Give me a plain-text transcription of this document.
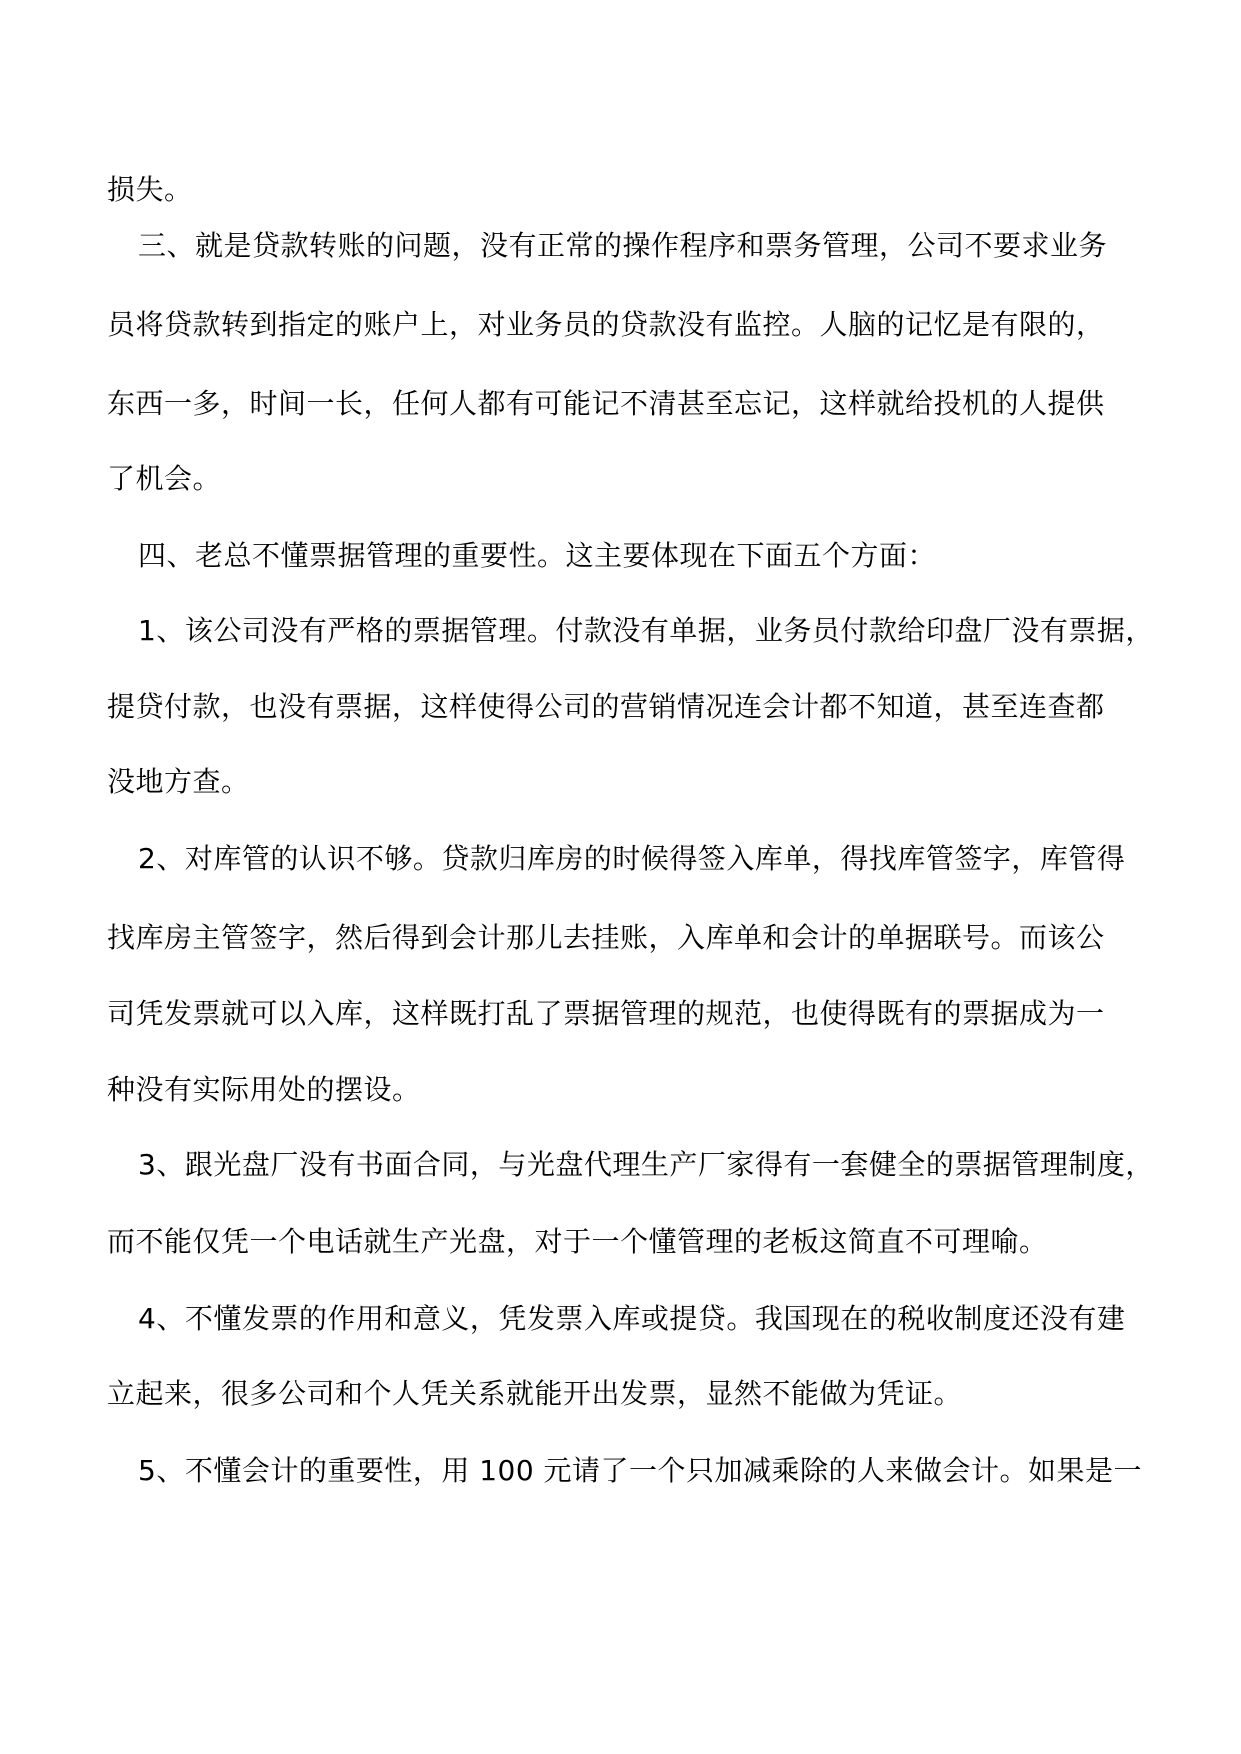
损失。
三、就是贷款转账的问题，没有正常的操作程序和票务管理，公司不要求业务
员将贷款转到指定的账户上，对业务员的贷款没有监控。人脑的记忆是有限的，
东西一多，时间一长，任何人都有可能记不清甚至忘记，这样就给投机的人提供
了机会。
四、老总不懂票据管理的重要性。这主要体现在下面五个方面：
1、该公司没有严格的票据管理。付款没有单据，业务员付款给印盘厂没有票据，
提贷付款，也没有票据，这样使得公司的营销情况连会计都不知道，甚至连查都
没地方查。
2、对库管的认识不够。贷款归库房的时候得签入库单，得找库管签字，库管得
找库房主管签字，然后得到会计那儿去挂账，入库单和会计的单据联号。而该公
司凭发票就可以入库，这样既打乱了票据管理的规范，也使得既有的票据成为一
种没有实际用处的摆设。
3、跟光盘厂没有书面合同，与光盘代理生产厂家得有一套健全的票据管理制度，
而不能仅凭一个电话就生产光盘，对于一个懂管理的老板这简直不可理喻。
4、不懂发票的作用和意义，凭发票入库或提贷。我国现在的税收制度还没有建
立起来，很多公司和个人凭关系就能开出发票，显然不能做为凭证。
5、不懂会计的重要性，用 100 元请了一个只加减乘除的人来做会计。如果是一
